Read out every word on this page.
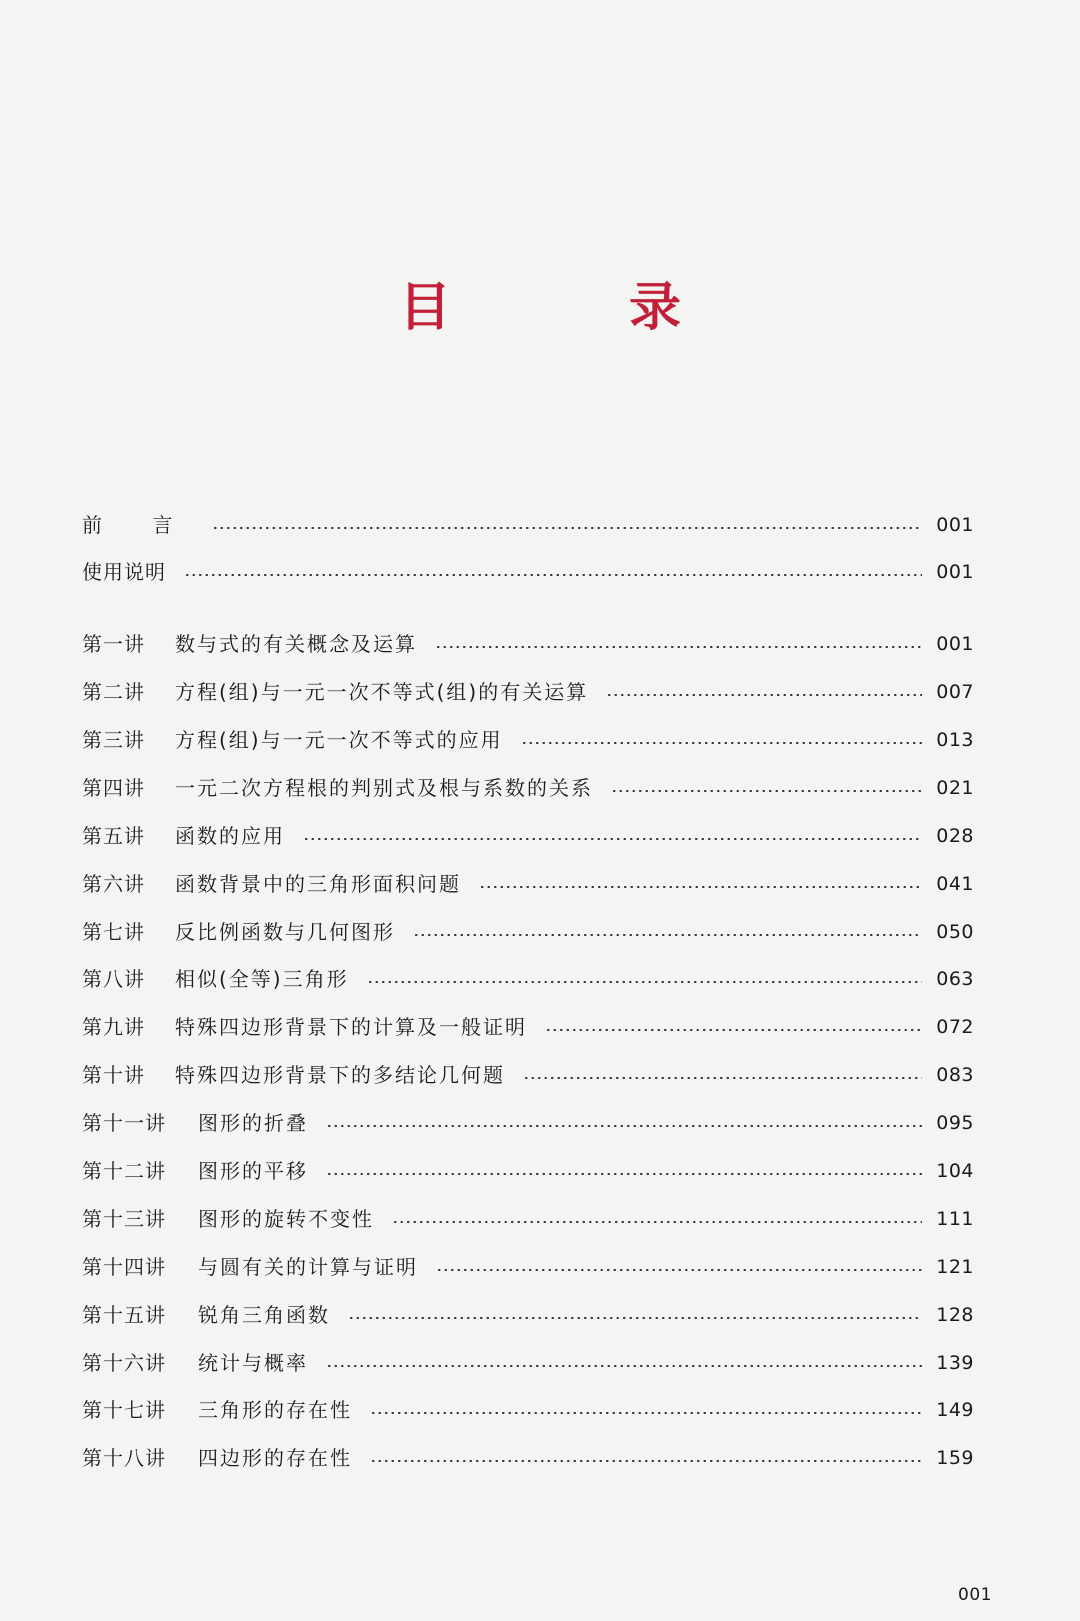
目 录
前 言	001
使用说明	001
第一讲	数与式的有关概念及运算	001
第二讲	方程(组)与一元一次不等式(组)的有关运算	007
第三讲	方程(组)与一元一次不等式的应用	013
第四讲	一元二次方程根的判别式及根与系数的关系	021
第五讲	函数的应用	028
第六讲	函数背景中的三角形面积问题	041
第七讲	反比例函数与几何图形	050
第八讲	相似(全等)三角形	063
第九讲	特殊四边形背景下的计算及一般证明	072
第十讲	特殊四边形背景下的多结论几何题	083
第十一讲	图形的折叠	095
第十二讲	图形的平移	104
第十三讲	图形的旋转不变性	111
第十四讲	与圆有关的计算与证明	121
第十五讲	锐角三角函数	128
第十六讲	统计与概率	139
第十七讲	三角形的存在性	149
第十八讲	四边形的存在性	159
001
